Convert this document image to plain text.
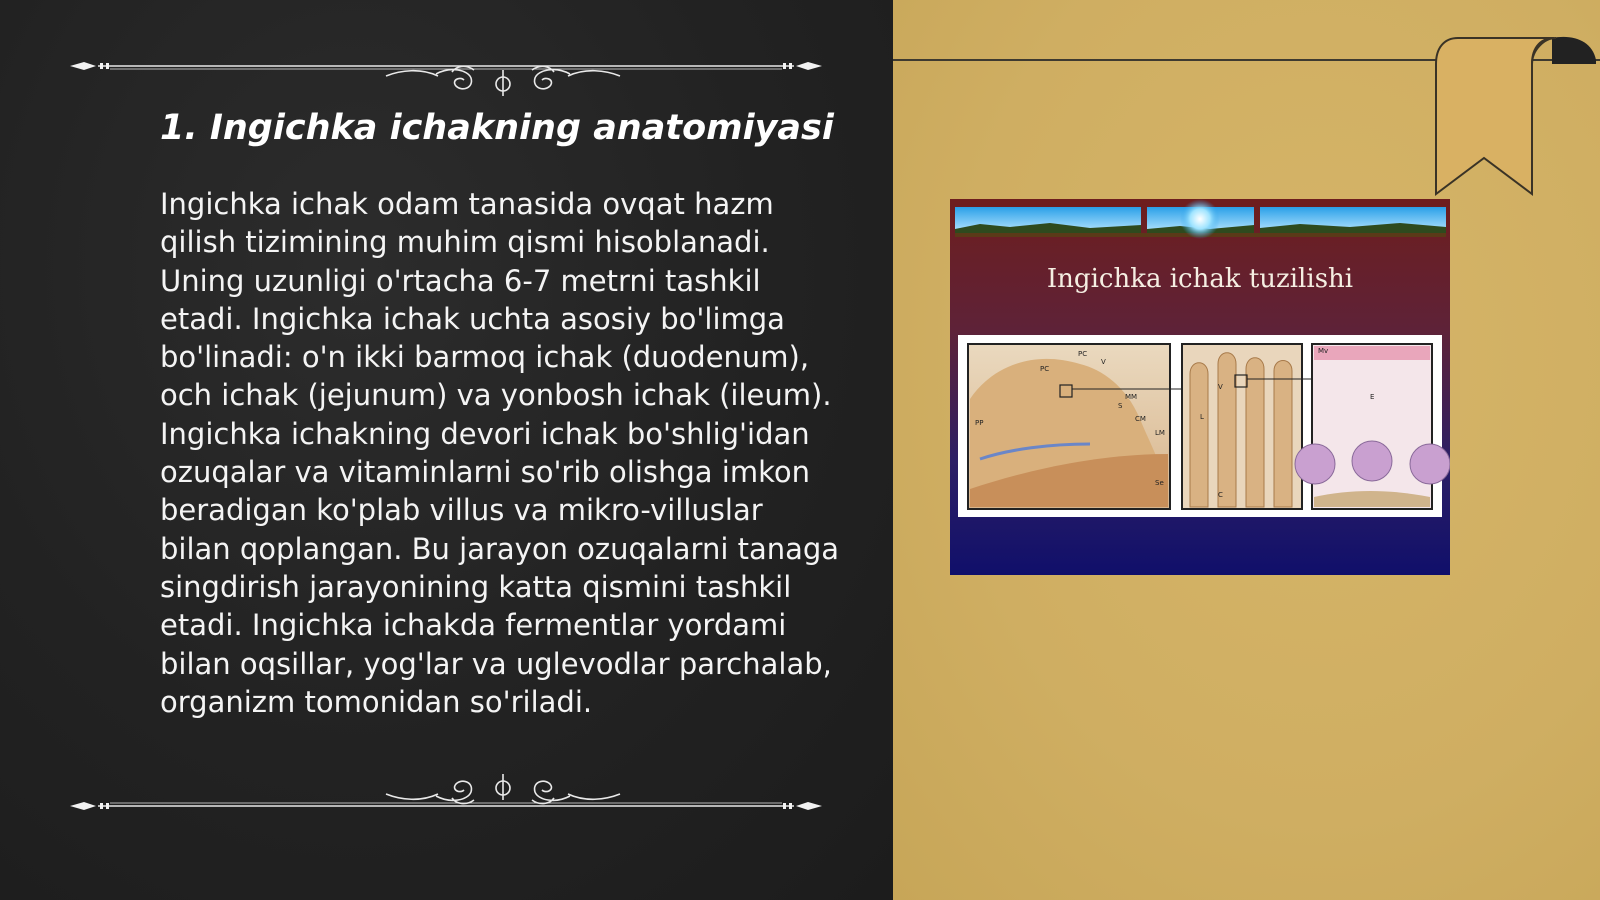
1. Ingichka ichakning anatomiyasi

Ingichka ichak odam tanasida ovqat hazm qilish tizimining muhim qismi hisoblanadi. Uning uzunligi o'rtacha 6-7 metrni tashkil etadi. Ingichka ichak uchta asosiy bo'limga bo'linadi: o'n ikki barmoq ichak (duodenum), och ichak (jejunum) va yonbosh ichak (ileum). Ingichka ichakning devori ichak bo'shlig'idan ozuqalar va vitaminlarni so'rib olishga imkon beradigan ko'plab villus va mikro-villuslar bilan qoplangan. Bu jarayon ozuqalarni tanaga singdirish jarayonining katta qismini tashkil etadi. Ingichka ichakda fermentlar yordami bilan oqsillar, yog'lar va uglevodlar parchalab, organizm tomonidan so'riladi.

Ingichka ichak tuzilishi
PC
V
PC
MM
S
CM
LM
PP
Se
V
L
C
Mv
E
